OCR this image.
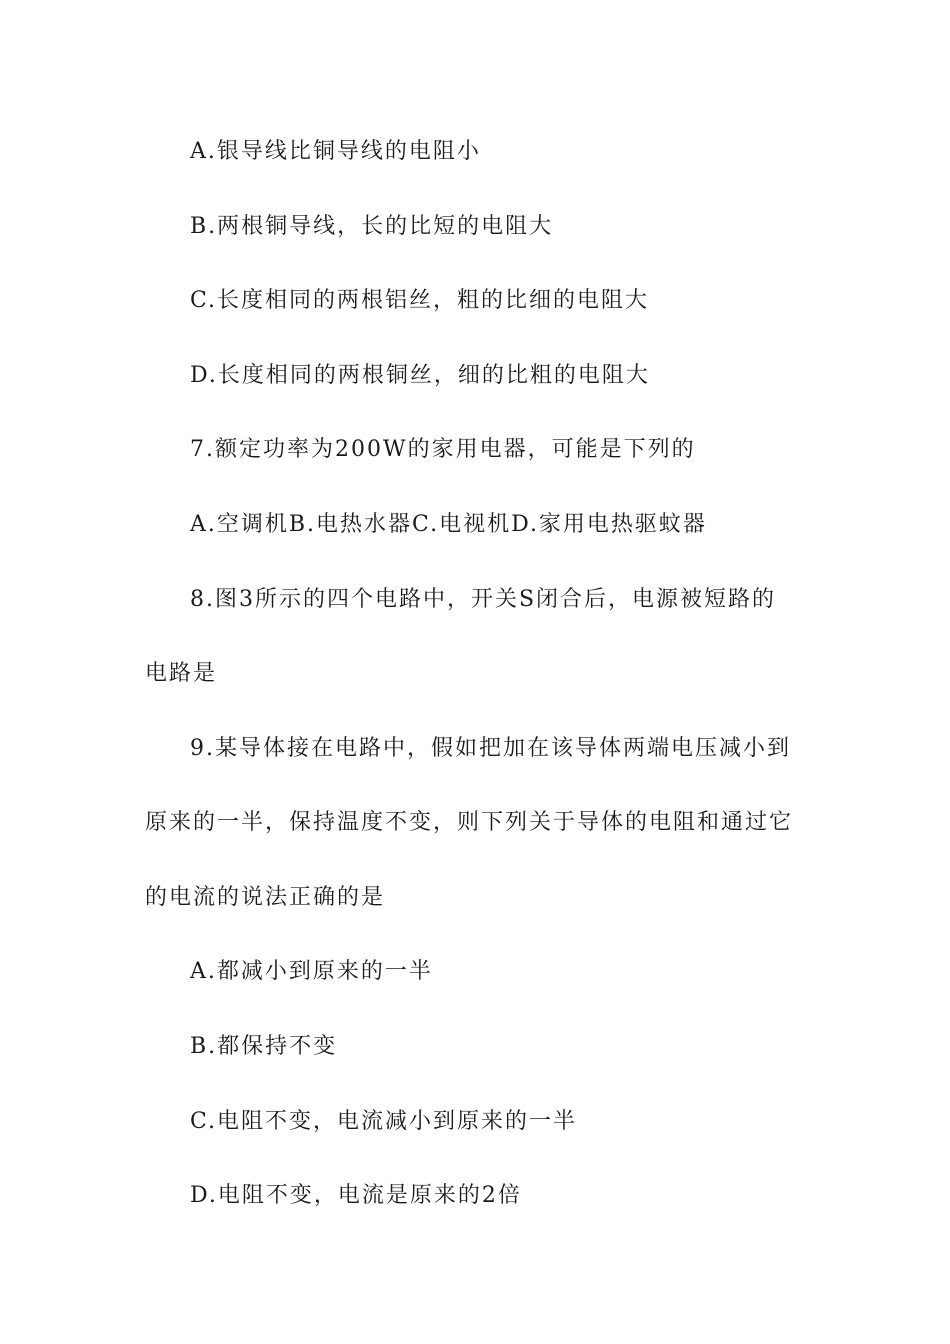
A.银导线比铜导线的电阻小
B.两根铜导线，长的比短的电阻大
C.长度相同的两根铝丝，粗的比细的电阻大
D.长度相同的两根铜丝，细的比粗的电阻大
7.额定功率为200W的家用电器，可能是下列的
A.空调机B.电热水器C.电视机D.家用电热驱蚊器
8.图3所示的四个电路中，开关S闭合后，电源被短路的
电路是
9.某导体接在电路中，假如把加在该导体两端电压减小到
原来的一半，保持温度不变，则下列关于导体的电阻和通过它
的电流的说法正确的是
A.都减小到原来的一半
B.都保持不变
C.电阻不变，电流减小到原来的一半
D.电阻不变，电流是原来的2倍
